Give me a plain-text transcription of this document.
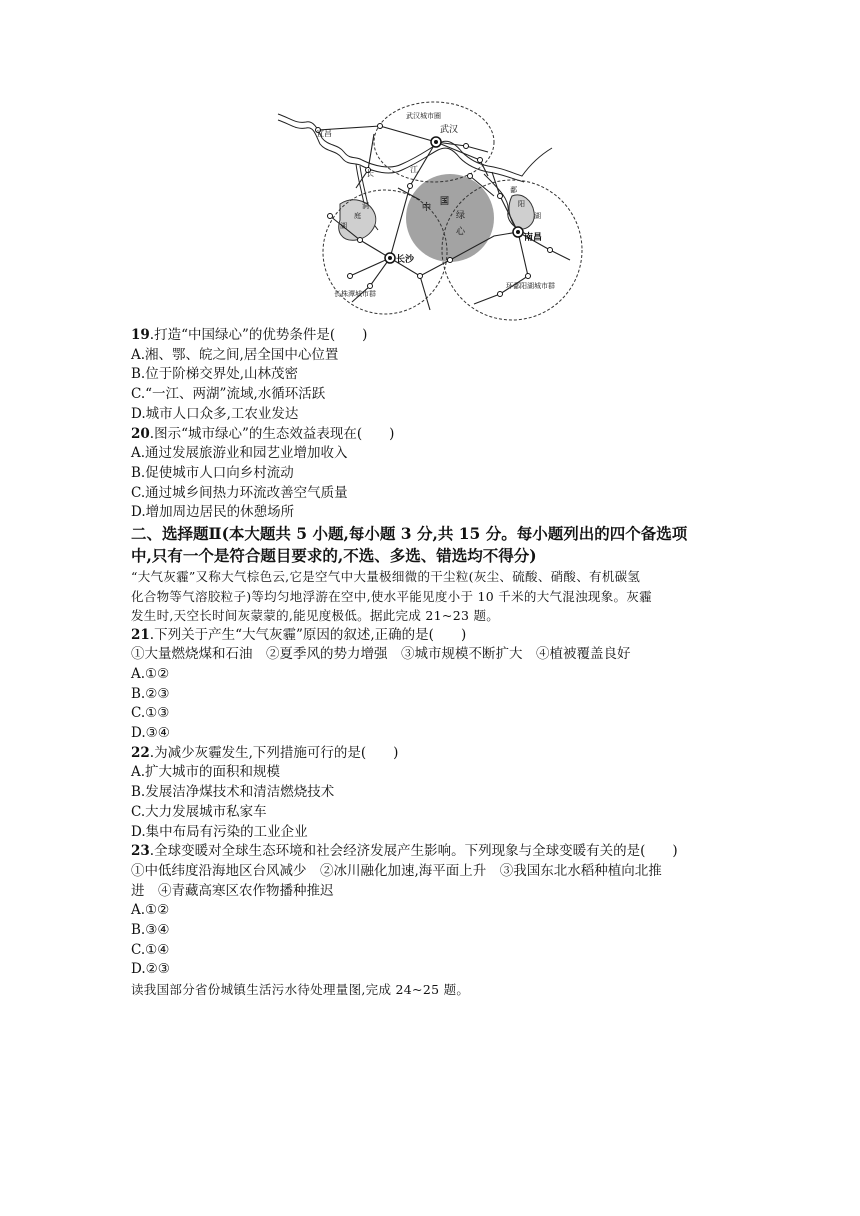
宜昌
武汉城市圈
武汉
江
长
鄱
阳
湖
洞
庭
湖
中
国
绿
心
南昌
长沙
长株潭城市群
环鄱阳湖城市群
19.打造“中国绿心”的优势条件是(　　)
A.湘、鄂、皖之间,居全国中心位置
B.位于阶梯交界处,山林茂密
C.“一江、两湖”流域,水循环活跃
D.城市人口众多,工农业发达
20.图示“城市绿心”的生态效益表现在(　　)
A.通过发展旅游业和园艺业增加收入
B.促使城市人口向乡村流动
C.通过城乡间热力环流改善空气质量
D.增加周边居民的休憩场所
二、选择题Ⅱ(本大题共 5 小题,每小题 3 分,共 15 分。每小题列出的四个备选项
中,只有一个是符合题目要求的,不选、多选、错选均不得分)
“大气灰霾”又称大气棕色云,它是空气中大量极细微的干尘粒(灰尘、硫酸、硝酸、有机碳氢
化合物等气溶胶粒子)等均匀地浮游在空中,使水平能见度小于 10 千米的大气混浊现象。灰霾
发生时,天空长时间灰蒙蒙的,能见度极低。据此完成 21~23 题。
21.下列关于产生“大气灰霾”原因的叙述,正确的是(　　)
①大量燃烧煤和石油　②夏季风的势力增强　③城市规模不断扩大　④植被覆盖良好
A.①②
B.②③
C.①③
D.③④
22.为减少灰霾发生,下列措施可行的是(　　)
A.扩大城市的面积和规模
B.发展洁净煤技术和清洁燃烧技术
C.大力发展城市私家车
D.集中布局有污染的工业企业
23.全球变暖对全球生态环境和社会经济发展产生影响。下列现象与全球变暖有关的是(　　)
①中低纬度沿海地区台风减少　②冰川融化加速,海平面上升　③我国东北水稻种植向北推
进　④青藏高寒区农作物播种推迟
A.①②
B.③④
C.①④
D.②③
读我国部分省份城镇生活污水待处理量图,完成 24~25 题。
